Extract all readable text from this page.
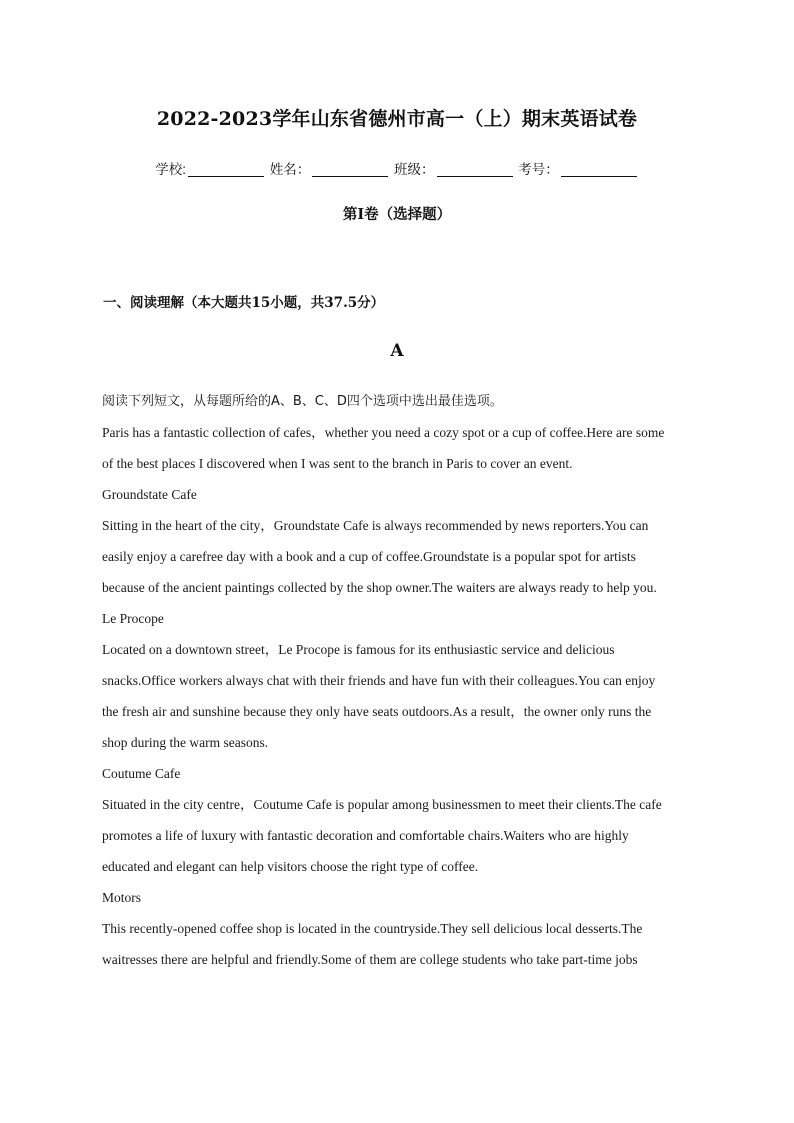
2022-2023学年山东省德州市高一（上）期末英语试卷
学校:	姓名：	班级：	考号：
第I卷（选择题）
一、阅读理解（本大题共15小题，共37.5分）
A
阅读下列短文，从每题所给的A、B、C、D四个选项中选出最佳选项。
Paris has a fantastic collection of cafes，whether you need a cozy spot or a cup of coffee.Here are some
of the best places I discovered when I was sent to the branch in Paris to cover an event.
Groundstate Cafe
Sitting in the heart of the city，Groundstate Cafe is always recommended by news reporters.You can
easily enjoy a carefree day with a book and a cup of coffee.Groundstate is a popular spot for artists
because of the ancient paintings collected by the shop owner.The waiters are always ready to help you.
Le Procope
Located on a downtown street，Le Procope is famous for its enthusiastic service and delicious
snacks.Office workers always chat with their friends and have fun with their colleagues.You can enjoy
the fresh air and sunshine because they only have seats outdoors.As a result，the owner only runs the
shop during the warm seasons.
Coutume Cafe
Situated in the city centre，Coutume Cafe is popular among businessmen to meet their clients.The cafe
promotes a life of luxury with fantastic decoration and comfortable chairs.Waiters who are highly
educated and elegant can help visitors choose the right type of coffee.
Motors
This recently-opened coffee shop is located in the countryside.They sell delicious local desserts.The
waitresses there are helpful and friendly.Some of them are college students who take part-time jobs
